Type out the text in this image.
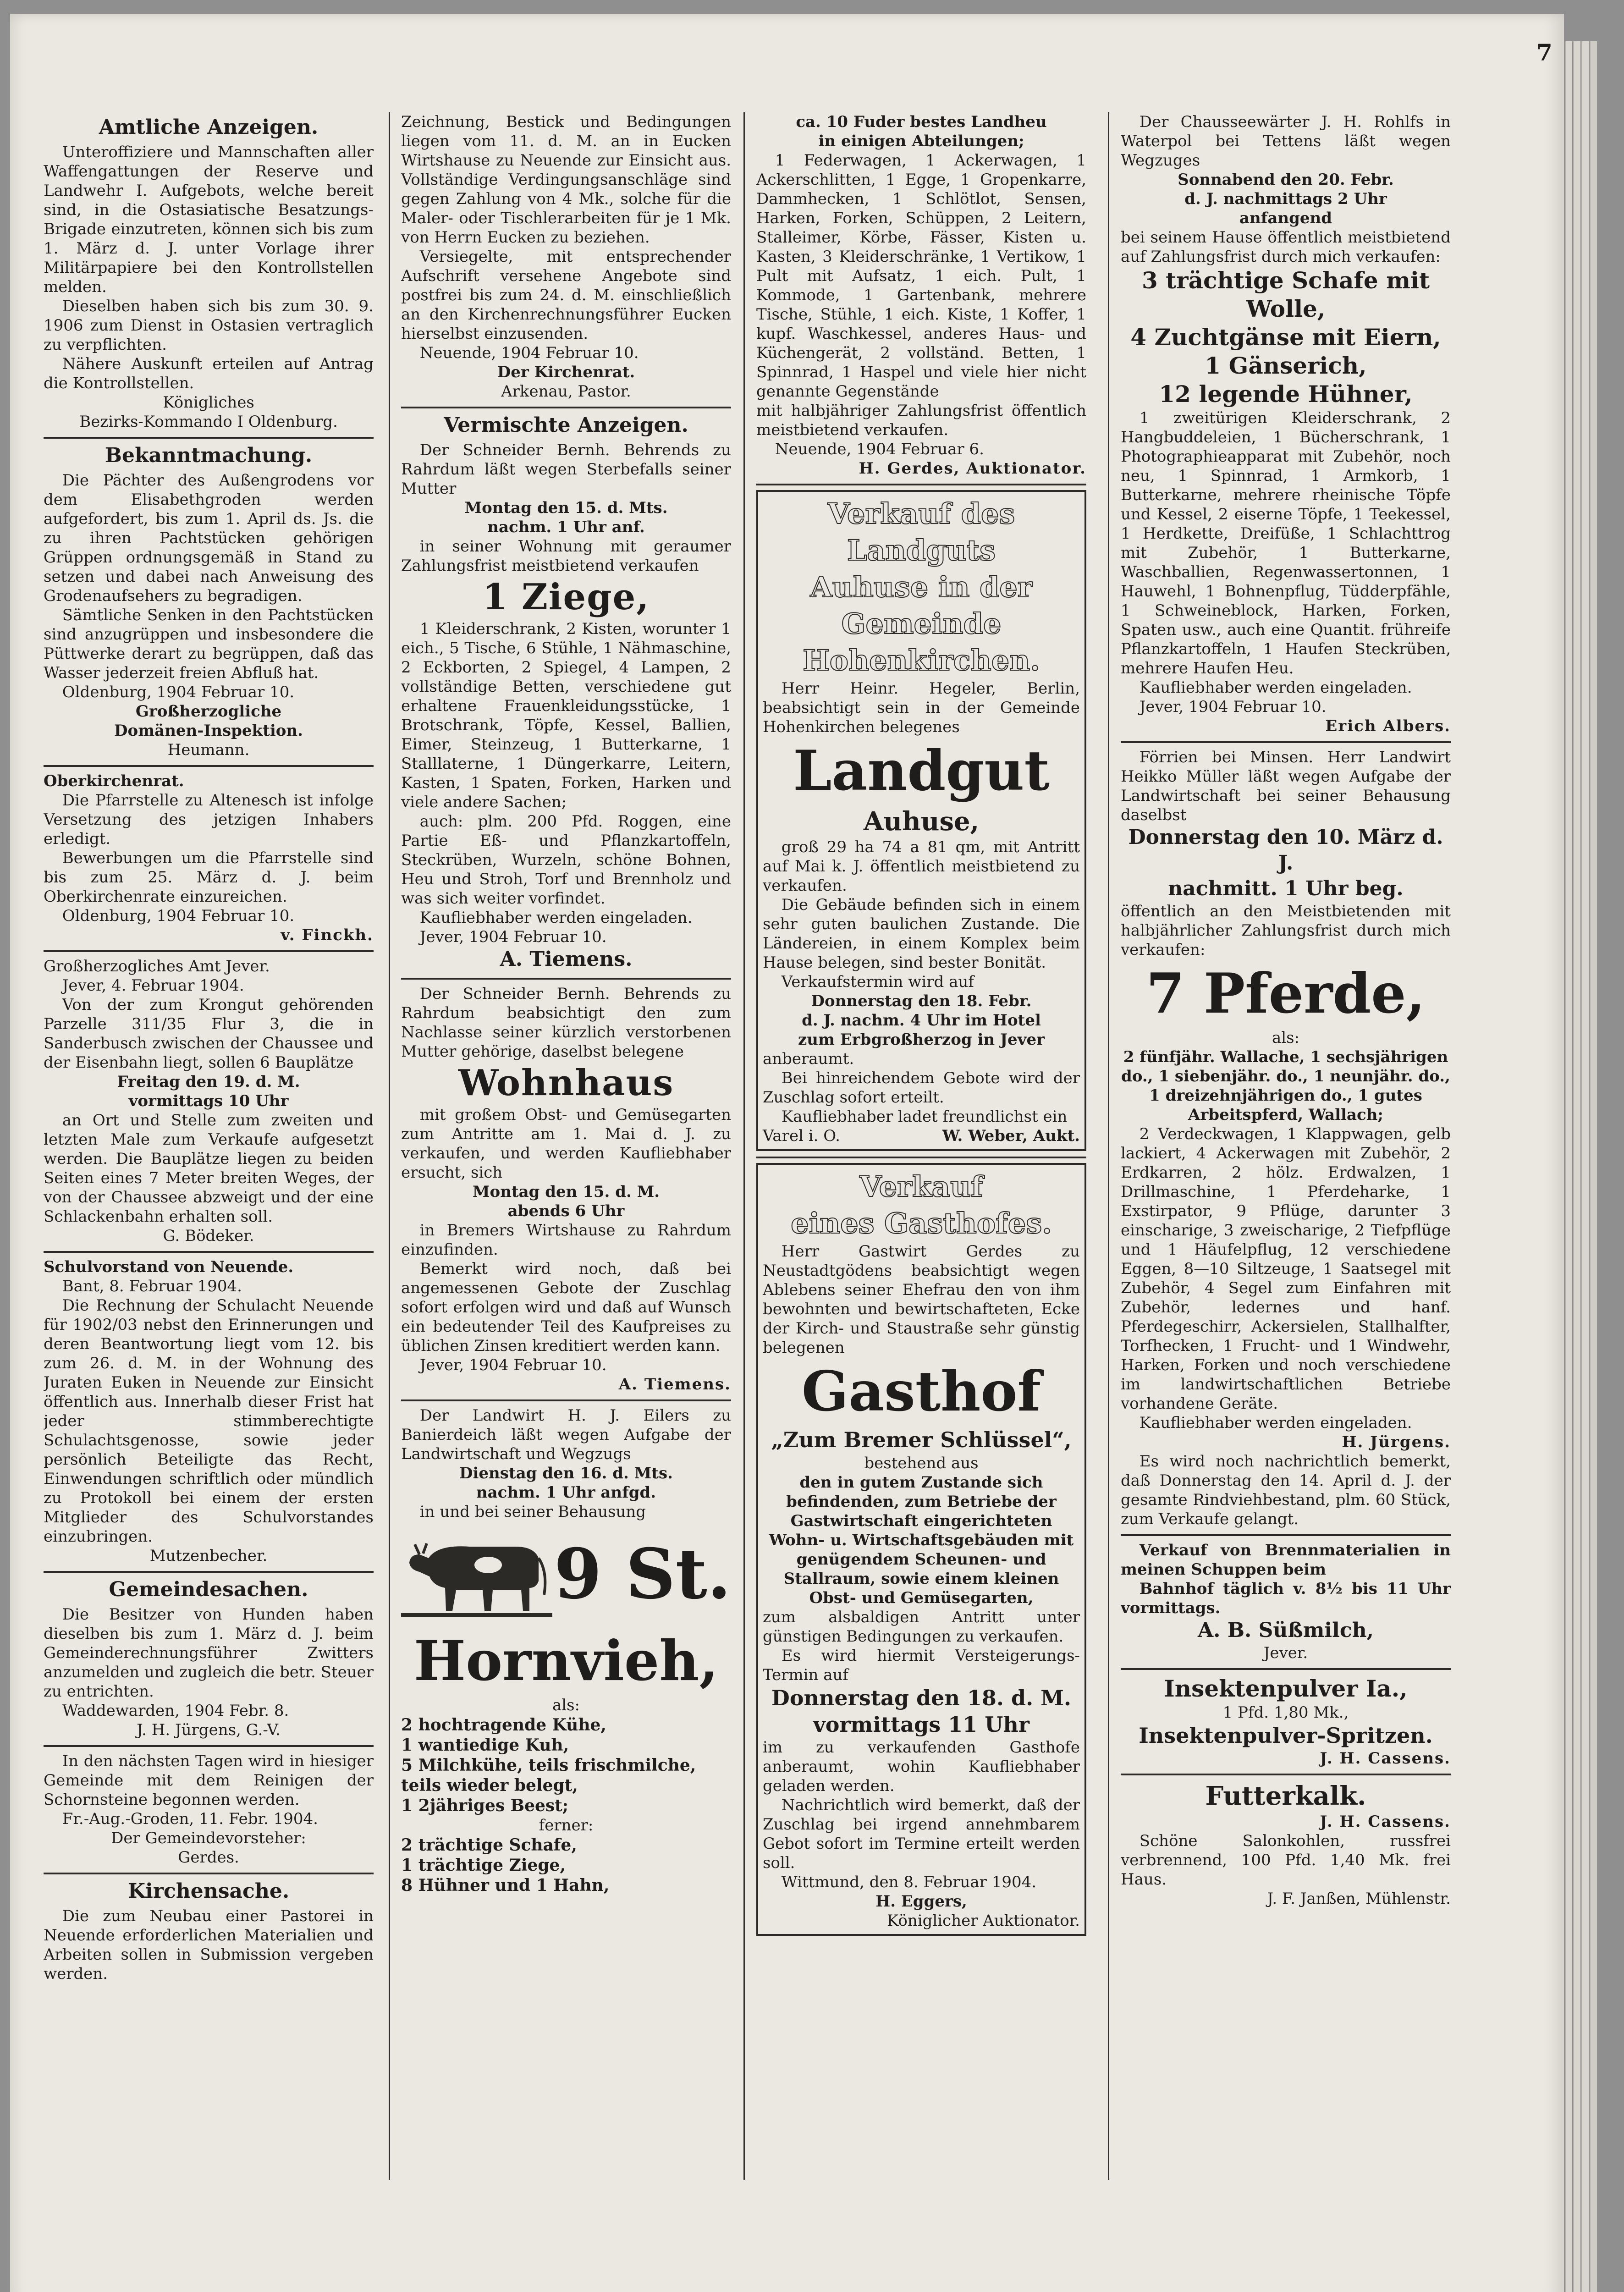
7
Amtliche Anzeigen.

Unteroffiziere und Mannschaften aller Waffengattungen der Reserve und Landwehr I. Aufgebots, welche bereit sind, in die Ostasiatische Besatzungs-Brigade einzutreten, können sich bis zum 1. März d. J. unter Vorlage ihrer Militärpapiere bei den Kontrollstellen melden.

Dieselben haben sich bis zum 30. 9. 1906 zum Dienst in Ostasien vertraglich zu verpflichten.

Nähere Auskunft erteilen auf Antrag die Kontrollstellen.

Königliches
Bezirks-Kommando I Oldenburg.
Bekanntmachung.

Die Pächter des Außengrodens vor dem Elisabethgroden werden aufgefordert, bis zum 1. April ds. Js. die zu ihren Pachtstücken gehörigen Grüppen ordnungsgemäß in Stand zu setzen und dabei nach Anweisung des Grodenaufsehers zu begradigen.

Sämtliche Senken in den Pachtstücken sind anzugrüppen und insbesondere die Püttwerke derart zu begrüppen, daß das Wasser jederzeit freien Abfluß hat.

Oldenburg, 1904 Februar 10.

Großherzogliche
Domänen-Inspektion.
Heumann.
Oberkirchenrat.

Die Pfarrstelle zu Altenesch ist infolge Versetzung des jetzigen Inhabers erledigt.

Bewerbungen um die Pfarrstelle sind bis zum 25. März d. J. beim Oberkirchenrate einzureichen.

Oldenburg, 1904 Februar 10.

v. Finckh.
Großherzogliches Amt Jever.

Jever, 4. Februar 1904.

Von der zum Krongut gehörenden Parzelle 311/35 Flur 3, die in Sanderbusch zwischen der Chaussee und der Eisenbahn liegt, sollen 6 Bauplätze

Freitag den 19. d. M.
vormittags 10 Uhr

an Ort und Stelle zum zweiten und letzten Male zum Verkaufe aufgesetzt werden. Die Bauplätze liegen zu beiden Seiten eines 7 Meter breiten Weges, der von der Chaussee abzweigt und der eine Schlackenbahn erhalten soll.

G. Bödeker.
Schulvorstand von Neuende.

Bant, 8. Februar 1904.

Die Rechnung der Schulacht Neuende für 1902/03 nebst den Erinnerungen und deren Beantwortung liegt vom 12. bis zum 26. d. M. in der Wohnung des Juraten Euken in Neuende zur Einsicht öffentlich aus. Innerhalb dieser Frist hat jeder stimmberechtigte Schulachtsgenosse, sowie jeder persönlich Beteiligte das Recht, Einwendungen schriftlich oder mündlich zu Protokoll bei einem der ersten Mitglieder des Schulvorstandes einzubringen.

Mutzenbecher.
Gemeindesachen.

Die Besitzer von Hunden haben dieselben bis zum 1. März d. J. beim Gemeinderechnungsführer Zwitters anzumelden und zugleich die betr. Steuer zu entrichten.

Waddewarden, 1904 Febr. 8.

J. H. Jürgens, G.-V.

In den nächsten Tagen wird in hiesiger Gemeinde mit dem Reinigen der Schornsteine begonnen werden.

Fr.-Aug.-Groden, 11. Febr. 1904.

Der Gemeindevorsteher:
Gerdes.
Kirchensache.

Die zum Neubau einer Pastorei in Neuende erforderlichen Materialien und Arbeiten sollen in Submission vergeben werden.

Zeichnung, Bestick und Bedingungen liegen vom 11. d. M. an in Eucken Wirtshause zu Neuende zur Einsicht aus. Vollständige Verdingungsanschläge sind gegen Zahlung von 4 Mk., solche für die Maler- oder Tischlerarbeiten für je 1 Mk. von Herrn Eucken zu beziehen.

Versiegelte, mit entsprechender Aufschrift versehene Angebote sind postfrei bis zum 24. d. M. einschließlich an den Kirchenrechnungsführer Eucken hierselbst einzusenden.

Neuende, 1904 Februar 10.

Der Kirchenrat.
Arkenau, Pastor.
Vermischte Anzeigen.

Der Schneider Bernh. Behrends zu Rahrdum läßt wegen Sterbefalls seiner Mutter

Montag den 15. d. Mts.
nachm. 1 Uhr anf.

in seiner Wohnung mit geraumer Zahlungsfrist meistbietend verkaufen

1 Ziege,

1 Kleiderschrank, 2 Kisten, worunter 1 eich., 5 Tische, 6 Stühle, 1 Nähmaschine, 2 Eckborten, 2 Spiegel, 4 Lampen, 2 vollständige Betten, verschiedene gut erhaltene Frauenkleidungsstücke, 1 Brotschrank, Töpfe, Kessel, Ballien, Eimer, Steinzeug, 1 Butterkarne, 1 Stalllaterne, 1 Düngerkarre, Leitern, Kasten, 1 Spaten, Forken, Harken und viele andere Sachen;

auch: plm. 200 Pfd. Roggen, eine Partie Eß- und Pflanzkartoffeln, Steckrüben, Wurzeln, schöne Bohnen, Heu und Stroh, Torf und Brennholz und was sich weiter vorfindet.

Kaufliebhaber werden eingeladen.

Jever, 1904 Februar 10.

A. Tiemens.

Der Schneider Bernh. Behrends zu Rahrdum beabsichtigt den zum Nachlasse seiner kürzlich verstorbenen Mutter gehörige, daselbst belegene

Wohnhaus

mit großem Obst- und Gemüsegarten zum Antritte am 1. Mai d. J. zu verkaufen, und werden Kaufliebhaber ersucht, sich

Montag den 15. d. M.
abends 6 Uhr

in Bremers Wirtshause zu Rahrdum einzufinden.

Bemerkt wird noch, daß bei angemessenen Gebote der Zuschlag sofort erfolgen wird und daß auf Wunsch ein bedeutender Teil des Kaufpreises zu üblichen Zinsen kreditiert werden kann.

Jever, 1904 Februar 10.

A. Tiemens.

Der Landwirt H. J. Eilers zu Banierdeich läßt wegen Aufgabe der Landwirtschaft und Wegzugs

Dienstag den 16. d. Mts.
nachm. 1 Uhr anfgd.

in und bei seiner Behausung

9 St.
Hornvieh,
als:
2 hochtragende Kühe,
1 wantiedige Kuh,
5 Milchkühe, teils frischmilche, teils wieder belegt,
1 2jähriges Beest;
ferner:
2 trächtige Schafe,
1 trächtige Ziege,
8 Hühner und 1 Hahn,
ca. 10 Fuder bestes Landheu
in einigen Abteilungen;

1 Federwagen, 1 Ackerwagen, 1 Ackerschlitten, 1 Egge, 1 Gropenkarre, Dammhecken, 1 Schlötlot, Sensen, Harken, Forken, Schüppen, 2 Leitern, Stalleimer, Körbe, Fässer, Kisten u. Kasten, 3 Kleiderschränke, 1 Vertikow, 1 Pult mit Aufsatz, 1 eich. Pult, 1 Kommode, 1 Gartenbank, mehrere Tische, Stühle, 1 eich. Kiste, 1 Koffer, 1 kupf. Waschkessel, anderes Haus- und Küchengerät, 2 vollständ. Betten, 1 Spinnrad, 1 Haspel und viele hier nicht genannte Gegenstände

mit halbjähriger Zahlungsfrist öffentlich meistbietend verkaufen.

Neuende, 1904 Februar 6.

H. Gerdes, Auktionator.
Verkauf des Landguts
Auhuse in der Gemeinde
Hohenkirchen.

Herr Heinr. Hegeler, Berlin, beabsichtigt sein in der Gemeinde Hohenkirchen belegenes

Landgut
Auhuse,

groß 29 ha 74 a 81 qm, mit Antritt auf Mai k. J. öffentlich meistbietend zu verkaufen.

Die Gebäude befinden sich in einem sehr guten baulichen Zustande. Die Ländereien, in einem Komplex beim Hause belegen, sind bester Bonität.

Verkaufstermin wird auf

Donnerstag den 18. Febr.
d. J. nachm. 4 Uhr im Hotel
zum Erbgroßherzog in Jever

anberaumt.

Bei hinreichendem Gebote wird der Zuschlag sofort erteilt.

Kaufliebhaber ladet freundlichst ein

Varel i. O.	W. Weber, Aukt.
Verkauf
eines Gasthofes.

Herr Gastwirt Gerdes zu Neustadtgödens beabsichtigt wegen Ablebens seiner Ehefrau den von ihm bewohnten und bewirtschafteten, Ecke der Kirch- und Staustraße sehr günstig belegenen

Gasthof
„Zum Bremer Schlüssel“,
bestehend aus
den in gutem Zustande sich befindenden, zum Betriebe der Gastwirtschaft eingerichteten Wohn- u. Wirtschaftsgebäuden mit genügendem Scheunen- und Stallraum, sowie einem kleinen Obst- und Gemüsegarten,

zum alsbaldigen Antritt unter günstigen Bedingungen zu verkaufen.

Es wird hiermit Versteigerungs-Termin auf

Donnerstag den 18. d. M.
vormittags 11 Uhr

im zu verkaufenden Gasthofe anberaumt, wohin Kaufliebhaber geladen werden.

Nachrichtlich wird bemerkt, daß der Zuschlag bei irgend annehmbarem Gebot sofort im Termine erteilt werden soll.

Wittmund, den 8. Februar 1904.

H. Eggers,
Königlicher Auktionator.

Der Chausseewärter J. H. Rohlfs in Waterpol bei Tettens läßt wegen Wegzuges

Sonnabend den 20. Febr.
d. J. nachmittags 2 Uhr
anfangend

bei seinem Hause öffentlich meistbietend auf Zahlungsfrist durch mich verkaufen:

3 trächtige Schafe mit Wolle,
4 Zuchtgänse mit Eiern, 1 Gänserich,
12 legende Hühner,

1 zweitürigen Kleiderschrank, 2 Hangbuddeleien, 1 Bücherschrank, 1 Photographieapparat mit Zubehör, noch neu, 1 Spinnrad, 1 Armkorb, 1 Butterkarne, mehrere rheinische Töpfe und Kessel, 2 eiserne Töpfe, 1 Teekessel, 1 Herdkette, Dreifüße, 1 Schlachttrog mit Zubehör, 1 Butterkarne, Waschballien, Regenwassertonnen, 1 Hauwehl, 1 Bohnenpflug, Tüdderpfähle, 1 Schweineblock, Harken, Forken, Spaten usw., auch eine Quantit. frühreife Pflanzkartoffeln, 1 Haufen Steckrüben, mehrere Haufen Heu.

Kaufliebhaber werden eingeladen.

Jever, 1904 Februar 10.

Erich Albers.

Förrien bei Minsen. Herr Landwirt Heikko Müller läßt wegen Aufgabe der Landwirtschaft bei seiner Behausung daselbst

Donnerstag den 10. März d. J.
nachmitt. 1 Uhr beg.

öffentlich an den Meistbietenden mit halbjährlicher Zahlungsfrist durch mich verkaufen:

7 Pferde,
als:
2 fünfjähr. Wallache, 1 sechsjährigen do., 1 siebenjähr. do., 1 neunjähr. do., 1 dreizehnjährigen do., 1 gutes Arbeitspferd, Wallach;

2 Verdeckwagen, 1 Klappwagen, gelb lackiert, 4 Ackerwagen mit Zubehör, 2 Erdkarren, 2 hölz. Erdwalzen, 1 Drillmaschine, 1 Pferdeharke, 1 Exstirpator, 9 Pflüge, darunter 3 einscharige, 3 zweischarige, 2 Tiefpflüge und 1 Häufelpflug, 12 verschiedene Eggen, 8—10 Siltzeuge, 1 Saatsegel mit Zubehör, 4 Segel zum Einfahren mit Zubehör, ledernes und hanf. Pferdegeschirr, Ackersielen, Stallhalfter, Torfhecken, 1 Frucht- und 1 Windwehr, Harken, Forken und noch verschiedene im landwirtschaftlichen Betriebe vorhandene Geräte.

Kaufliebhaber werden eingeladen.

H. Jürgens.

Es wird noch nachrichtlich bemerkt, daß Donnerstag den 14. April d. J. der gesamte Rindviehbestand, plm. 60 Stück, zum Verkaufe gelangt.

Verkauf von Brennmaterialien in meinen Schuppen beim

Bahnhof täglich v. 8½ bis 11 Uhr vormittags.

A. B. Süßmilch,
Jever.
Insektenpulver Ia.,
1 Pfd. 1,80 Mk.,
Insektenpulver-Spritzen.
J. H. Cassens.
Futterkalk.
J. H. Cassens.

Schöne Salonkohlen, russfrei verbrennend, 100 Pfd. 1,40 Mk. frei Haus.

J. F. Janßen, Mühlenstr.
